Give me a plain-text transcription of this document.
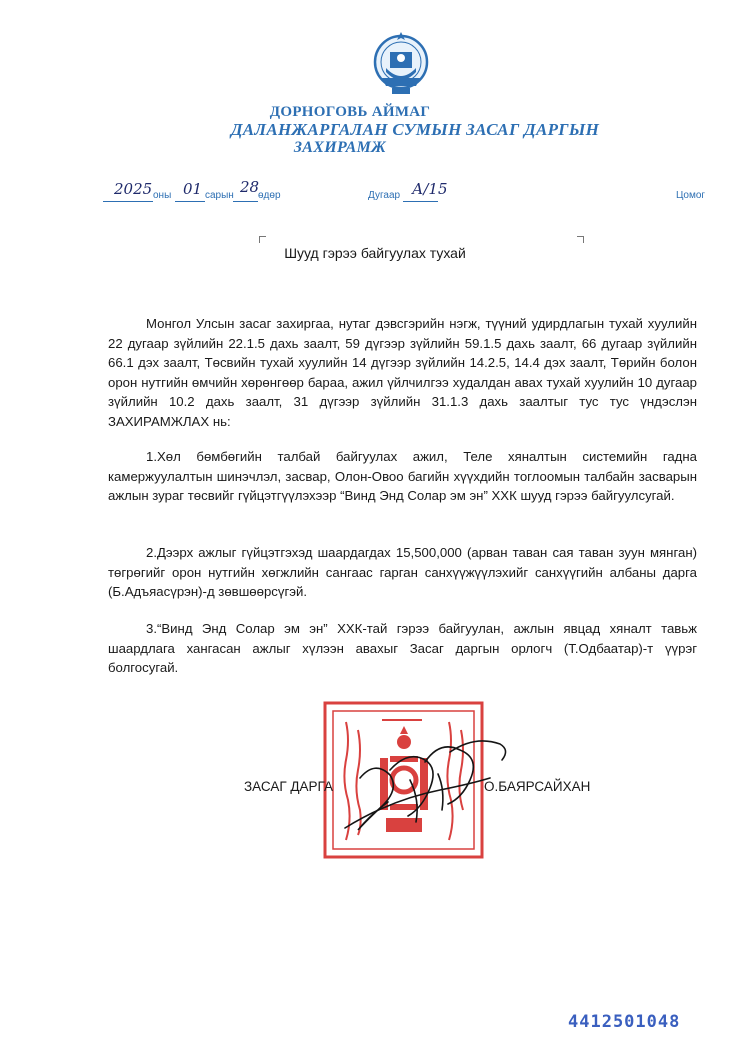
ДОРНОГОВЬ АЙМАГ
ДАЛАНЖАРГАЛАН СУМЫН ЗАСАГ ДАРГЫН
ЗАХИРАМЖ
2025 оны 01 сарын 28
өдөр	Дугаар А/15	Цомог
Шууд гэрээ байгуулах тухай

Монгол Улсын засаг захиргаа, нутаг дэвсгэрийн нэгж, түүний удирдлагын тухай хуулийн 22 дугаар зүйлийн 22.1.5 дахь заалт, 59 дүгээр зүйлийн 59.1.5 дахь заалт, 66 дугаар зүйлийн 66.1 дэх заалт, Төсвийн тухай хуулийн 14 дүгээр зүйлийн 14.2.5, 14.4 дэх заалт, Төрийн болон орон нутгийн өмчийн хөрөнгөөр бараа, ажил үйлчилгээ худалдан авах тухай хуулийн 10 дугаар зүйлийн 10.2 дахь заалт, 31 дүгээр зүйлийн 31.1.3 дахь заалтыг тус тус үндэслэн ЗАХИРАМЖЛАХ нь:

1.Хөл бөмбөгийн талбай байгуулах ажил, Теле хяналтын системийн гадна камержуулалтын шинэчлэл, засвар, Олон-Овоо багийн хүүхдийн тоглоомын талбайн засварын ажлын зураг төсвийг гүйцэтгүүлэхээр “Винд Энд Солар эм эн” ХХК шууд гэрээ байгуулсугай.

2.Дээрх ажлыг гүйцэтгэхэд шаардагдах 15,500,000 (арван таван сая таван зуун мянган) төгрөгийг орон нутгийн хөгжлийн сангаас гарган санхүүжүүлэхийг санхүүгийн албаны дарга (Б.Адъяасүрэн)-д зөвшөөрсүгэй.

3.“Винд Энд Солар эм эн” ХХК-тай гэрээ байгуулан, ажлын явцад хяналт тавьж шаардлага хангасан ажлыг хүлээн авахыг Засаг даргын орлогч (Т.Одбаатар)-т үүрэг болгосугай.

ЗАСАГ ДАРГА	О.БАЯРСАЙХАН
4412501048
